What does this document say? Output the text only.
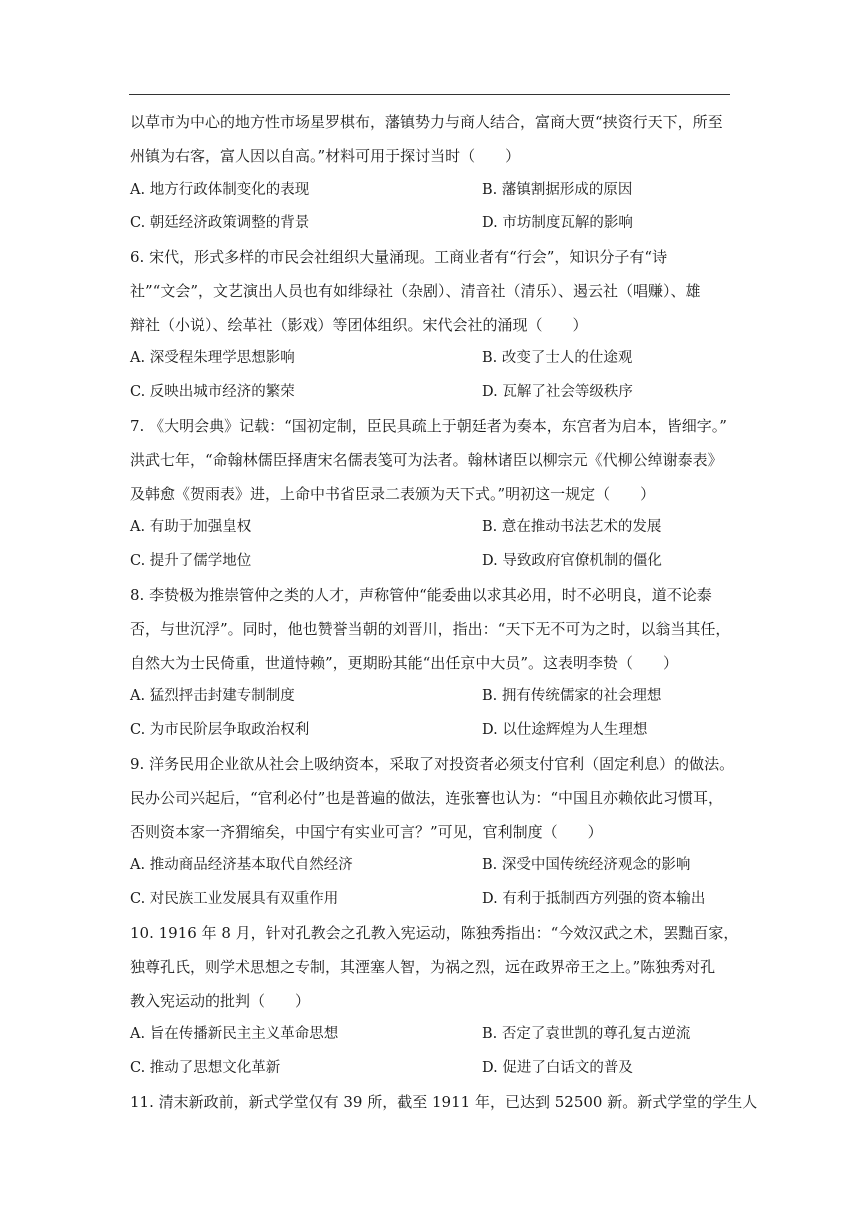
以草市为中心的地方性市场星罗棋布，藩镇势力与商人结合，富商大贾“挟资行天下，所至
州镇为右客，富人因以自高。”材料可用于探讨当时（　　）
A. 地方行政体制变化的表现	B. 藩镇割据形成的原因
C. 朝廷经济政策调整的背景	D. 市坊制度瓦解的影响
6. 宋代，形式多样的市民会社组织大量涌现。工商业者有“行会”，知识分子有“诗
社”“文会”，文艺演出人员也有如绯绿社（杂剧）、清音社（清乐）、遏云社（唱赚）、雄
辩社（小说）、绘革社（影戏）等团体组织。宋代会社的涌现（　　）
A. 深受程朱理学思想影响	B. 改变了士人的仕途观
C. 反映出城市经济的繁荣	D. 瓦解了社会等级秩序
7. 《大明会典》记载：“国初定制，臣民具疏上于朝廷者为奏本，东宫者为启本，皆细字。”
洪武七年，“命翰林儒臣择唐宋名儒表笺可为法者。翰林诸臣以柳宗元《代柳公绰谢泰表》
及韩愈《贺雨表》进，上命中书省臣录二表颁为天下式。”明初这一规定（　　）
A. 有助于加强皇权	B. 意在推动书法艺术的发展
C. 提升了儒学地位	D. 导致政府官僚机制的僵化
8. 李贽极为推崇管仲之类的人才，声称管仲“能委曲以求其必用，时不必明良，道不论泰
否，与世沉浮”。同时，他也赞誉当朝的刘晋川，指出：“天下无不可为之时，以翁当其任，
自然大为士民倚重，世道恃赖”，更期盼其能“出任京中大员”。这表明李贽（　　）
A. 猛烈抨击封建专制制度	B. 拥有传统儒家的社会理想
C. 为市民阶层争取政治权利	D. 以仕途辉煌为人生理想
9. 洋务民用企业欲从社会上吸纳资本，采取了对投资者必须支付官利（固定利息）的做法。
民办公司兴起后，“官利必付”也是普遍的做法，连张謇也认为：“中国且亦赖依此习惯耳，
否则资本家一齐猬缩矣，中国宁有实业可言？”可见，官利制度（　　）
A. 推动商品经济基本取代自然经济	B. 深受中国传统经济观念的影响
C. 对民族工业发展具有双重作用	D. 有利于抵制西方列强的资本输出
10. 1916 年 8 月，针对孔教会之孔教入宪运动，陈独秀指出：“今效汉武之术，罢黜百家，
独尊孔氏，则学术思想之专制，其湮塞人智，为祸之烈，远在政界帝王之上。”陈独秀对孔
教入宪运动的批判（　　）
A. 旨在传播新民主主义革命思想	B. 否定了袁世凯的尊孔复古逆流
C. 推动了思想文化革新	D. 促进了白话文的普及
11. 清末新政前，新式学堂仅有 39 所，截至 1911 年，已达到 52500 新。新式学堂的学生人
